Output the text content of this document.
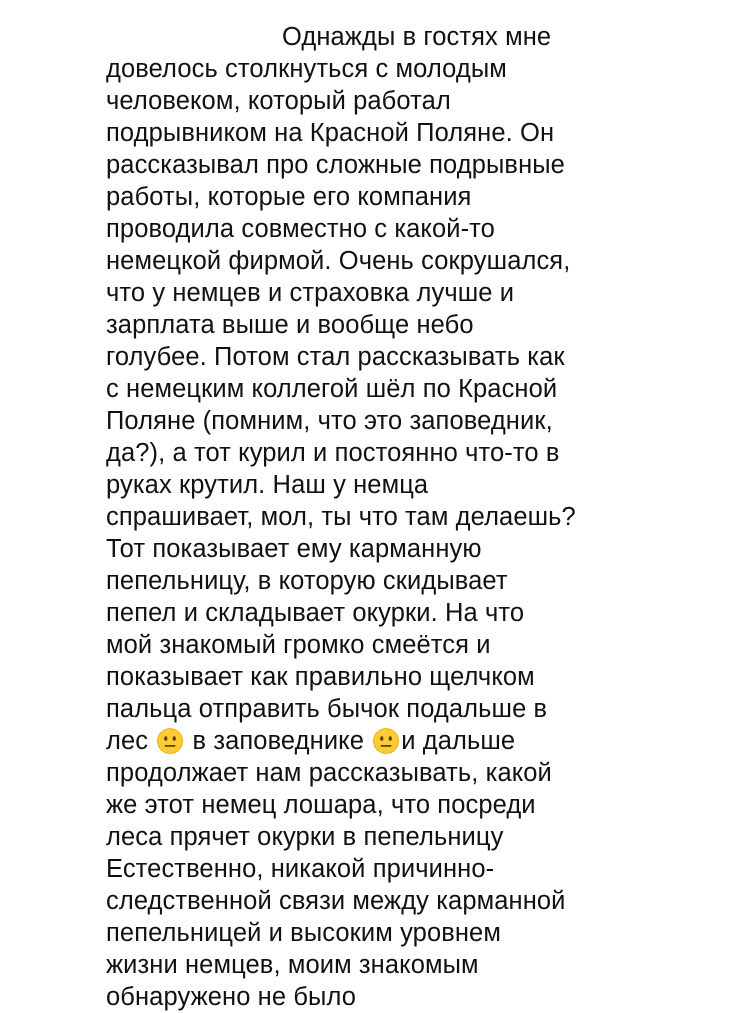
Однажды в гостях мне
довелось столкнуться с молодым
человеком, который работал
подрывником на Красной Поляне. Он
рассказывал про сложные подрывные
работы, которые его компания
проводила совместно с какой-то
немецкой фирмой. Очень сокрушался,
что у немцев и страховка лучше и
зарплата выше и вообще небо
голубее. Потом стал рассказывать как
с немецким коллегой шёл по Красной
Поляне (помним, что это заповедник,
да?), а тот курил и постоянно что-то в
руках крутил. Наш у немца
спрашивает, мол, ты что там делаешь?
Тот показывает ему карманную
пепельницу, в которую скидывает
пепел и складывает окурки. На что
мой знакомый громко смеётся и
показывает как правильно щелчком
пальца отправить бычок подальше в
лес
в заповеднике
и дальше
продолжает нам рассказывать, какой
же этот немец лошара, что посреди
леса прячет окурки в пепельницу
Естественно, никакой причинно-
следственной связи между карманной
пепельницей и высоким уровнем
жизни немцев, моим знакомым
обнаружено не было
